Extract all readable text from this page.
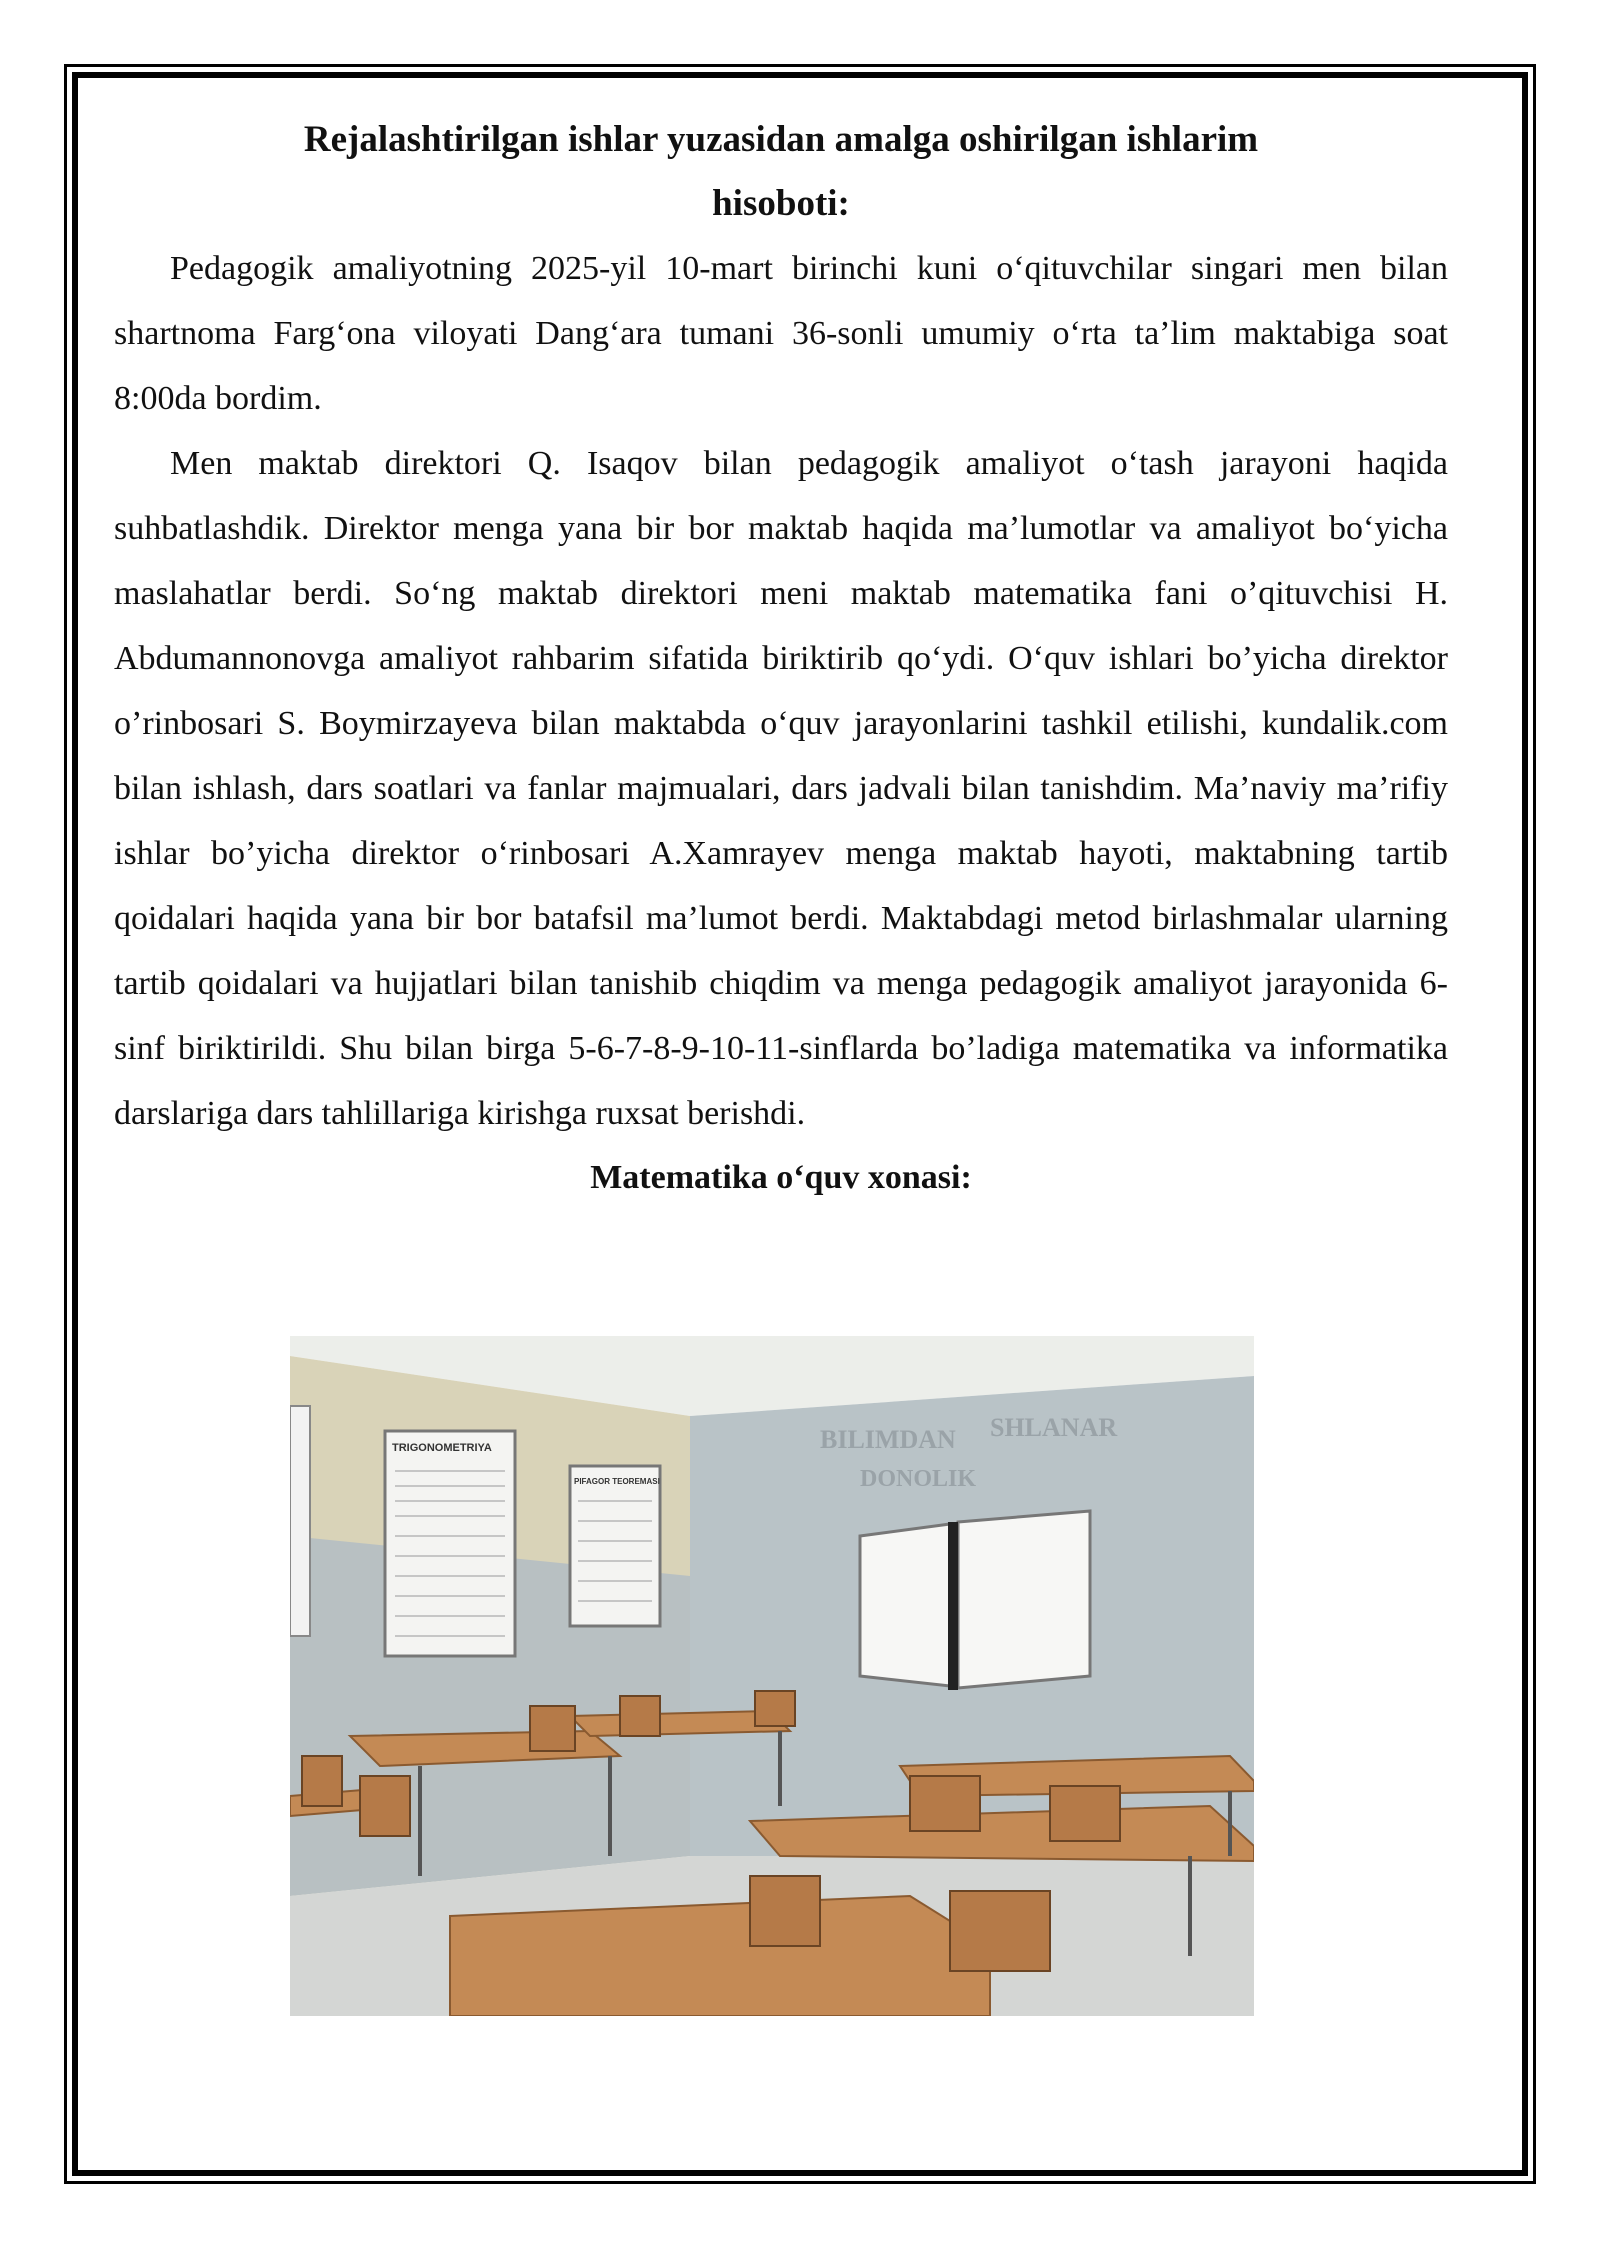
Rejalashtirilgan ishlar yuzasidan amalga oshirilgan ishlarim

hisoboti:

Pedagogik amaliyotning 2025-yil 10-mart birinchi kuni o‘qituvchilar singari men bilan shartnoma Farg‘ona viloyati Dang‘ara tumani 36-sonli umumiy o‘rta ta’lim maktabiga soat 8:00da bordim.

Men maktab direktori Q. Isaqov bilan pedagogik amaliyot o‘tash jarayoni haqida suhbatlashdik. Direktor menga yana bir bor maktab haqida ma’lumotlar va amaliyot bo‘yicha maslahatlar berdi. So‘ng maktab direktori meni maktab matematika fani o’qituvchisi H. Abdumannonovga amaliyot rahbarim sifatida biriktirib qo‘ydi. O‘quv ishlari bo’yicha direktor o’rinbosari S. Boymirzayeva bilan maktabda o‘quv jarayonlarini tashkil etilishi, kundalik.com bilan ishlash, dars soatlari va fanlar majmualari, dars jadvali bilan tanishdim. Ma’naviy ma’rifiy ishlar bo’yicha direktor o‘rinbosari A.Xamrayev menga maktab hayoti, maktabning tartib qoidalari haqida yana bir bor batafsil ma’lumot berdi. Maktabdagi metod birlashmalar ularning tartib qoidalari va hujjatlari bilan tanishib chiqdim va menga pedagogik amaliyot jarayonida 6- sinf biriktirildi. Shu bilan birga 5-6-7-8-9-10-11-sinflarda bo’ladiga matematika va informatika darslariga dars tahlillariga kirishga ruxsat berishdi.

Matematika o‘quv xonasi:

TRIGONOMETRIYA
PIFAGOR TEOREMASI
BILIMDAN SHLANAR
DONOLIK
